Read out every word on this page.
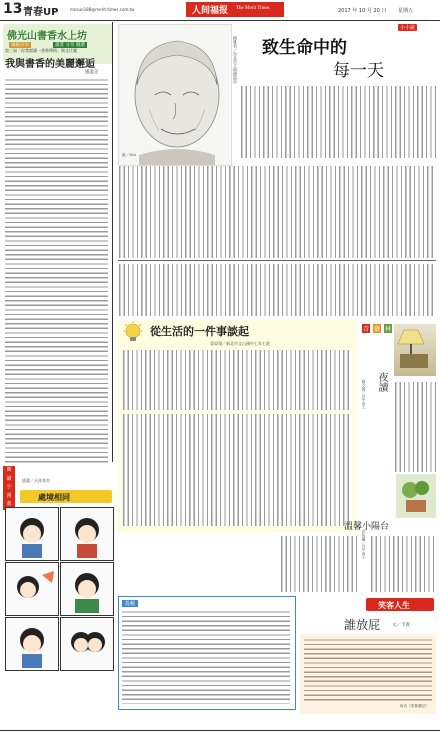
13 青春UP	mnsun188@merit-times.com.tw	人间福报 The Merit Times	2017 年 10 月 20 日 星期五
佛光山書香水上坊
福報分享	讀書 分享 閱讀
第三屆「你我閱讀一書香傳情」徵文比賽
我與書香的美麗邂逅
風盈芷
圖／Vita
小小說
致生命中的
每一天
楊雅君／台北市立明德高中
從生活的一件事談起
姜晏翔／新北市文山國中七年七班
青 藝 林
夜讀
蘇文靜／台中高工
溫馨小陽台
洪宥曦／台中高工
閱
讀
小
漫
畫
插畫／天祥邦杰
處境相同
投稿	笑客人生
誰放屁	文／卡貴
取自《笑林廣記》
